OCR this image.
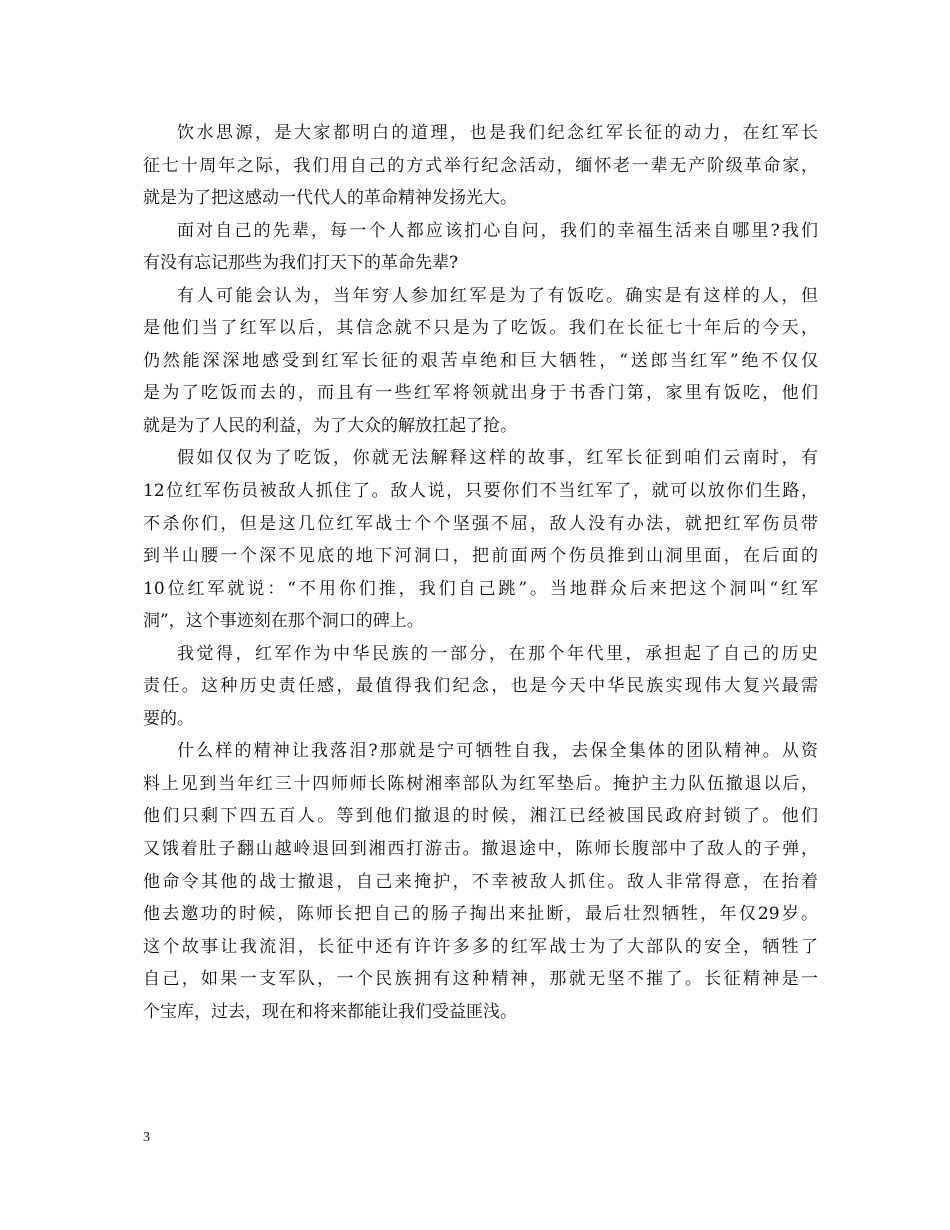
饮水思源，是大家都明白的道理，也是我们纪念红军长征的动力，在红军长
征七十周年之际，我们用自己的方式举行纪念活动，缅怀老一辈无产阶级革命家，
就是为了把这感动一代代人的革命精神发扬光大。
面对自己的先辈，每一个人都应该扪心自问，我们的幸福生活来自哪里?我们
有没有忘记那些为我们打天下的革命先辈?
有人可能会认为，当年穷人参加红军是为了有饭吃。确实是有这样的人，但
是他们当了红军以后，其信念就不只是为了吃饭。我们在长征七十年后的今天，
仍然能深深地感受到红军长征的艰苦卓绝和巨大牺牲，“送郎当红军”绝不仅仅
是为了吃饭而去的，而且有一些红军将领就出身于书香门第，家里有饭吃，他们
就是为了人民的利益，为了大众的解放扛起了抢。
假如仅仅为了吃饭，你就无法解释这样的故事，红军长征到咱们云南时，有
12位红军伤员被敌人抓住了。敌人说，只要你们不当红军了，就可以放你们生路，
不杀你们，但是这几位红军战士个个坚强不屈，敌人没有办法，就把红军伤员带
到半山腰一个深不见底的地下河洞口，把前面两个伤员推到山洞里面，在后面的
10位红军就说：“不用你们推，我们自己跳”。当地群众后来把这个洞叫“红军
洞”，这个事迹刻在那个洞口的碑上。
我觉得，红军作为中华民族的一部分，在那个年代里，承担起了自己的历史
责任。这种历史责任感，最值得我们纪念，也是今天中华民族实现伟大复兴最需
要的。
什么样的精神让我落泪?那就是宁可牺牲自我，去保全集体的团队精神。从资
料上见到当年红三十四师师长陈树湘率部队为红军垫后。掩护主力队伍撤退以后，
他们只剩下四五百人。等到他们撤退的时候，湘江已经被国民政府封锁了。他们
又饿着肚子翻山越岭退回到湘西打游击。撤退途中，陈师长腹部中了敌人的子弹，
他命令其他的战士撤退，自己来掩护，不幸被敌人抓住。敌人非常得意，在抬着
他去邀功的时候，陈师长把自己的肠子掏出来扯断，最后壮烈牺牲，年仅29岁。
这个故事让我流泪，长征中还有许许多多的红军战士为了大部队的安全，牺牲了
自己，如果一支军队，一个民族拥有这种精神，那就无坚不摧了。长征精神是一
个宝库，过去，现在和将来都能让我们受益匪浅。
3
